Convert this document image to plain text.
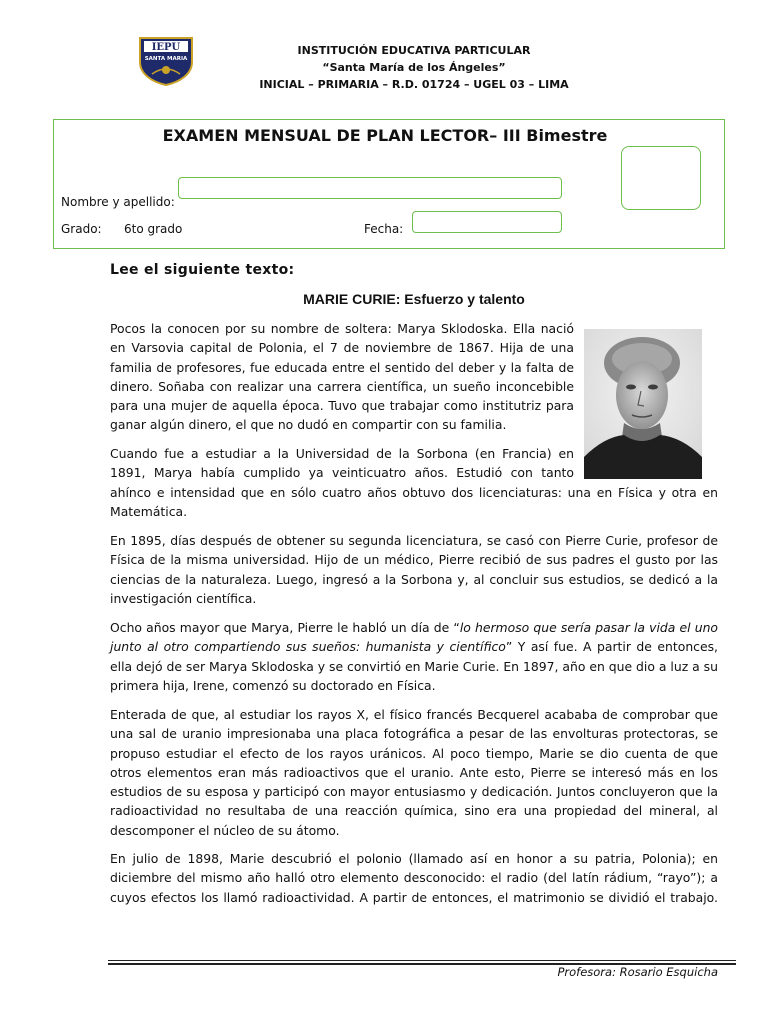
IEPU
SANTA MARIA
INSTITUCIÓN EDUCATIVA PARTICULAR
“Santa María de los Ángeles”
INICIAL – PRIMARIA – R.D. 01724 – UGEL 03 – LIMA
EXAMEN MENSUAL DE PLAN LECTOR– III Bimestre
Nombre y apellido:
Grado: 6to grado	Fecha:
Lee el siguiente texto:
MARIE CURIE: Esfuerzo y talento
Pocos la conocen por su nombre de soltera: Marya Sklodoska. Ella nació
en Varsovia capital de Polonia, el 7 de noviembre de 1867. Hija de una
familia de profesores, fue educada entre el sentido del deber y la falta de
dinero. Soñaba con realizar una carrera científica, un sueño inconcebible
para una mujer de aquella época. Tuvo que trabajar como institutriz para
ganar algún dinero, el que no dudó en compartir con su familia.
Cuando fue a estudiar a la Universidad de la Sorbona (en Francia) en
1891, Marya había cumplido ya veinticuatro años. Estudió con tanto
ahínco e intensidad que en sólo cuatro años obtuvo dos licenciaturas: una en Física y otra en
Matemática.
En 1895, días después de obtener su segunda licenciatura, se casó con Pierre Curie, profesor de
Física de la misma universidad. Hijo de un médico, Pierre recibió de sus padres el gusto por las
ciencias de la naturaleza. Luego, ingresó a la Sorbona y, al concluir sus estudios, se dedicó a la
investigación científica.
Ocho años mayor que Marya, Pierre le habló un día de “lo hermoso que sería pasar la vida el uno
junto al otro compartiendo sus sueños: humanista y científico” Y así fue. A partir de entonces,
ella dejó de ser Marya Sklodoska y se convirtió en Marie Curie. En 1897, año en que dio a luz a su
primera hija, Irene, comenzó su doctorado en Física.
Enterada de que, al estudiar los rayos X, el físico francés Becquerel acababa de comprobar que
una sal de uranio impresionaba una placa fotográfica a pesar de las envolturas protectoras, se
propuso estudiar el efecto de los rayos uránicos. Al poco tiempo, Marie se dio cuenta de que
otros elementos eran más radioactivos que el uranio. Ante esto, Pierre se interesó más en los
estudios de su esposa y participó con mayor entusiasmo y dedicación. Juntos concluyeron que la
radioactividad no resultaba de una reacción química, sino era una propiedad del mineral, al
descomponer el núcleo de su átomo.
En julio de 1898, Marie descubrió el polonio (llamado así en honor a su patria, Polonia); en
diciembre del mismo año halló otro elemento desconocido: el radio (del latín rádium, “rayo”); a
cuyos efectos los llamó radioactividad. A partir de entonces, el matrimonio se dividió el trabajo.
Profesora: Rosario Esquicha
